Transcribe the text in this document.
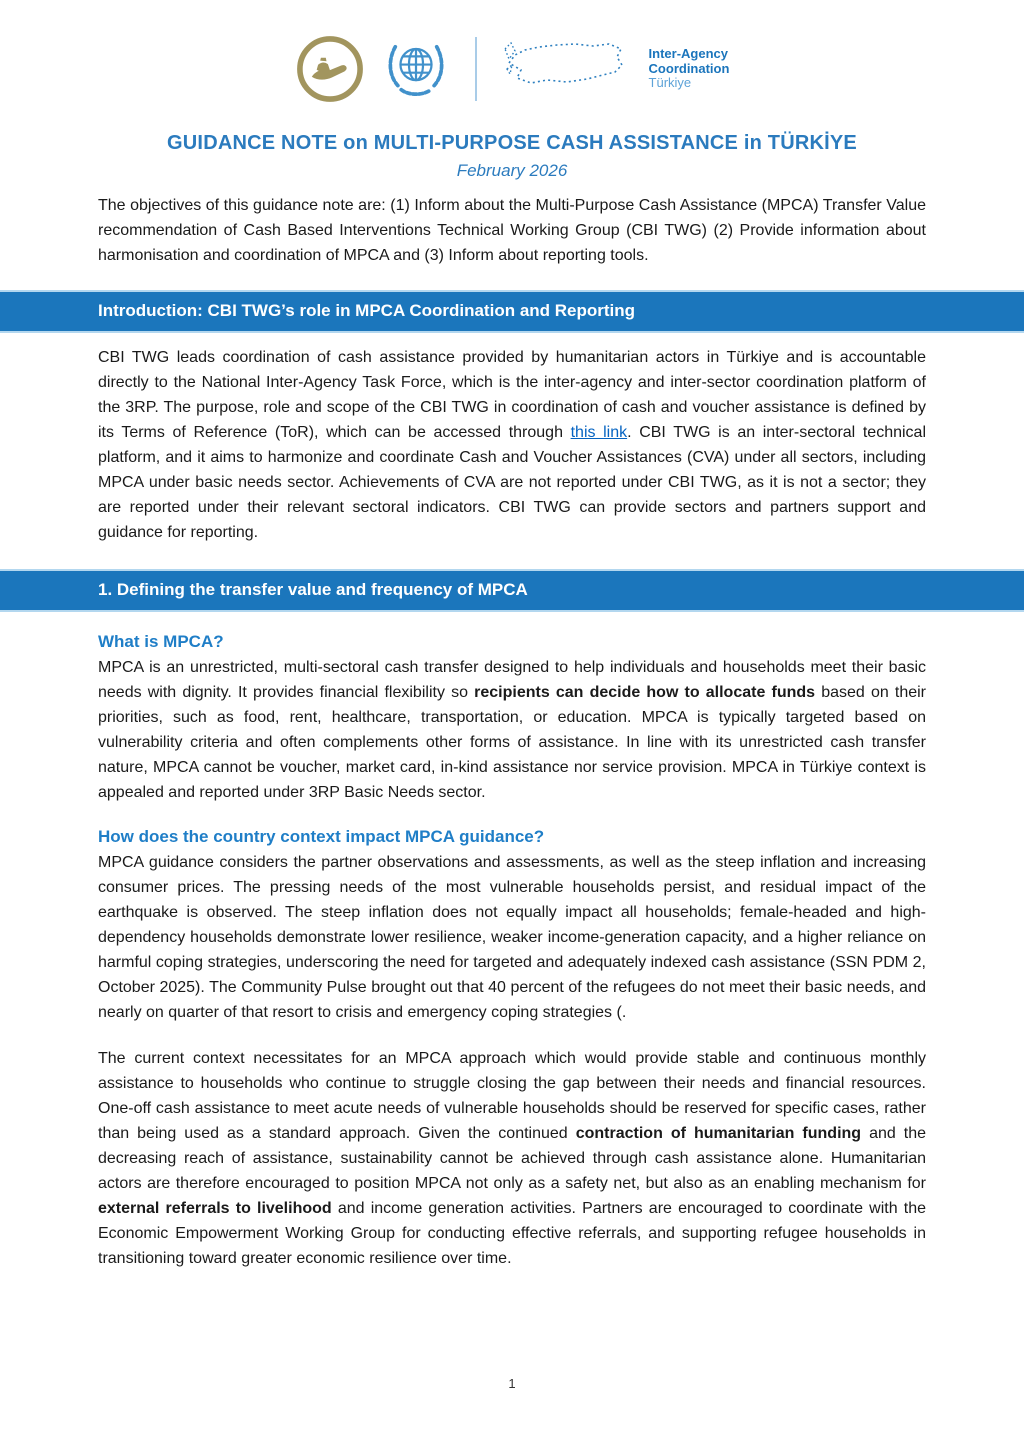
Inter-Agency
Coordination
Türkiye
GUIDANCE NOTE on MULTI-PURPOSE CASH ASSISTANCE in TÜRKİYE
February 2026

The objectives of this guidance note are: (1) Inform about the Multi-Purpose Cash Assistance (MPCA) Transfer Value recommendation of Cash Based Interventions Technical Working Group (CBI TWG) (2) Provide information about harmonisation and coordination of MPCA and (3) Inform about reporting tools.

Introduction: CBI TWG’s role in MPCA Coordination and Reporting

CBI TWG leads coordination of cash assistance provided by humanitarian actors in Türkiye and is accountable directly to the National Inter-Agency Task Force, which is the inter-agency and inter-sector coordination platform of the 3RP. The purpose, role and scope of the CBI TWG in coordination of cash and voucher assistance is defined by its Terms of Reference (ToR), which can be accessed through this link. CBI TWG is an inter-sectoral technical platform, and it aims to harmonize and coordinate Cash and Voucher Assistances (CVA) under all sectors, including MPCA under basic needs sector. Achievements of CVA are not reported under CBI TWG, as it is not a sector; they are reported under their relevant sectoral indicators. CBI TWG can provide sectors and partners support and guidance for reporting.

1. Defining the transfer value and frequency of MPCA
What is MPCA?

MPCA is an unrestricted, multi-sectoral cash transfer designed to help individuals and households meet their basic needs with dignity. It provides financial flexibility so recipients can decide how to allocate funds based on their priorities, such as food, rent, healthcare, transportation, or education. MPCA is typically targeted based on vulnerability criteria and often complements other forms of assistance. In line with its unrestricted cash transfer nature, MPCA cannot be voucher, market card, in-kind assistance nor service provision. MPCA in Türkiye context is appealed and reported under 3RP Basic Needs sector.

How does the country context impact MPCA guidance?

MPCA guidance considers the partner observations and assessments, as well as the steep inflation and increasing consumer prices. The pressing needs of the most vulnerable households persist, and residual impact of the earthquake is observed. The steep inflation does not equally impact all households; female-headed and high-dependency households demonstrate lower resilience, weaker income-generation capacity, and a higher reliance on harmful coping strategies, underscoring the need for targeted and adequately indexed cash assistance (SSN PDM 2, October 2025). The Community Pulse brought out that 40 percent of the refugees do not meet their basic needs, and nearly on quarter of that resort to crisis and emergency coping strategies (.

The current context necessitates for an MPCA approach which would provide stable and continuous monthly assistance to households who continue to struggle closing the gap between their needs and financial resources. One-off cash assistance to meet acute needs of vulnerable households should be reserved for specific cases, rather than being used as a standard approach. Given the continued contraction of humanitarian funding and the decreasing reach of assistance, sustainability cannot be achieved through cash assistance alone. Humanitarian actors are therefore encouraged to position MPCA not only as a safety net, but also as an enabling mechanism for external referrals to livelihood and income generation activities. Partners are encouraged to coordinate with the Economic Empowerment Working Group for conducting effective referrals, and supporting refugee households in transitioning toward greater economic resilience over time.

1
